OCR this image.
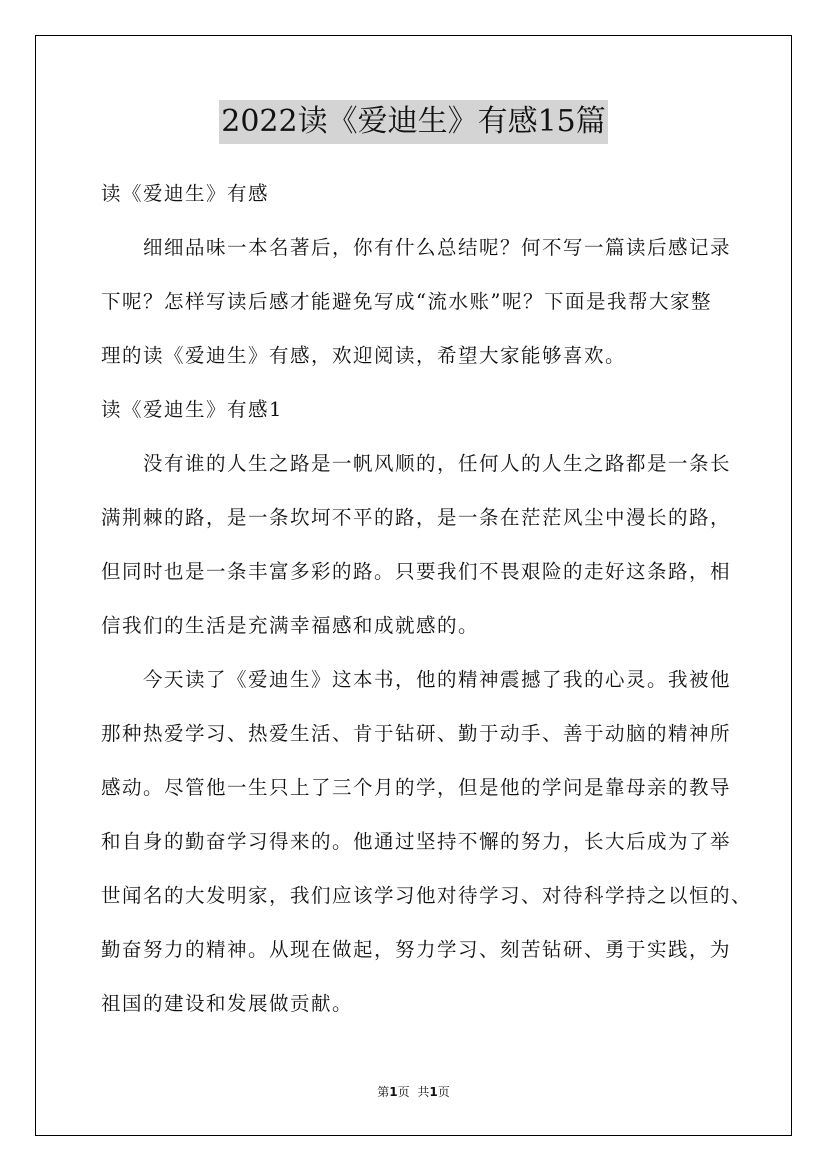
2022读《爱迪生》有感15篇
读《爱迪生》有感
细细品味一本名著后，你有什么总结呢？何不写一篇读后感记录
下呢？怎样写读后感才能避免写成“流水账”呢？下面是我帮大家整
理的读《爱迪生》有感，欢迎阅读，希望大家能够喜欢。
读《爱迪生》有感1
没有谁的人生之路是一帆风顺的，任何人的人生之路都是一条长
满荆棘的路，是一条坎坷不平的路，是一条在茫茫风尘中漫长的路，
但同时也是一条丰富多彩的路。只要我们不畏艰险的走好这条路，相
信我们的生活是充满幸福感和成就感的。
今天读了《爱迪生》这本书，他的精神震撼了我的心灵。我被他
那种热爱学习、热爱生活、肯于钻研、勤于动手、善于动脑的精神所
感动。尽管他一生只上了三个月的学，但是他的学问是靠母亲的教导
和自身的勤奋学习得来的。他通过坚持不懈的努力，长大后成为了举
世闻名的大发明家，我们应该学习他对待学习、对待科学持之以恒的、
勤奋努力的精神。从现在做起，努力学习、刻苦钻研、勇于实践，为
祖国的建设和发展做贡献。
第1页 共1页
